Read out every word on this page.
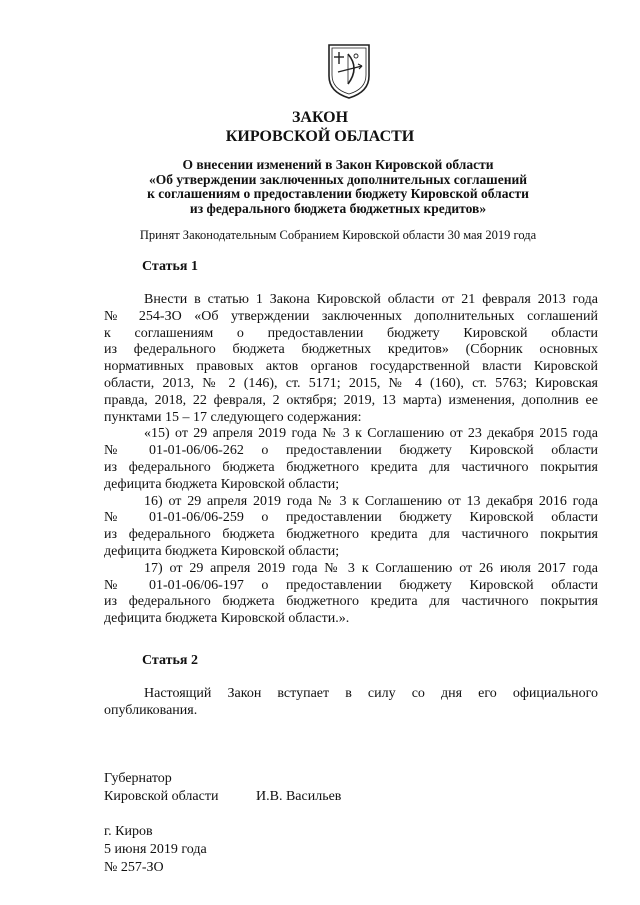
ЗАКОН
КИРОВСКОЙ ОБЛАСТИ
О внесении изменений в Закон Кировской области
«Об утверждении заключенных дополнительных соглашений
к соглашениям о предоставлении бюджету Кировской области
из федерального бюджета бюджетных кредитов»
Принят Законодательным Собранием Кировской области 30 мая 2019 года
Статья 1
Внести в статью 1 Закона Кировской области от 21 февраля 2013 года
№ 254-ЗО «Об утверждении заключенных дополнительных соглашений
к соглашениям о предоставлении бюджету Кировской области
из федерального бюджета бюджетных кредитов» (Сборник основных
нормативных правовых актов органов государственной власти Кировской
области, 2013, № 2 (146), ст. 5171; 2015, № 4 (160), ст. 5763; Кировская
правда, 2018, 22 февраля, 2 октября; 2019, 13 марта) изменения, дополнив ее
пунктами 15 – 17 следующего содержания:
«15) от 29 апреля 2019 года № 3 к Соглашению от 23 декабря 2015 года
№ 01-01-06/06-262 о предоставлении бюджету Кировской области
из федерального бюджета бюджетного кредита для частичного покрытия
дефицита бюджета Кировской области;
16) от 29 апреля 2019 года № 3 к Соглашению от 13 декабря 2016 года
№ 01-01-06/06-259 о предоставлении бюджету Кировской области
из федерального бюджета бюджетного кредита для частичного покрытия
дефицита бюджета Кировской области;
17) от 29 апреля 2019 года № 3 к Соглашению от 26 июля 2017 года
№ 01-01-06/06-197 о предоставлении бюджету Кировской области
из федерального бюджета бюджетного кредита для частичного покрытия
дефицита бюджета Кировской области.».
Статья 2
Настоящий Закон вступает в силу со дня его официального
опубликования.
Губернатор
Кировской области	И.В. Васильев
г. Киров
5 июня 2019 года
№ 257-ЗО
